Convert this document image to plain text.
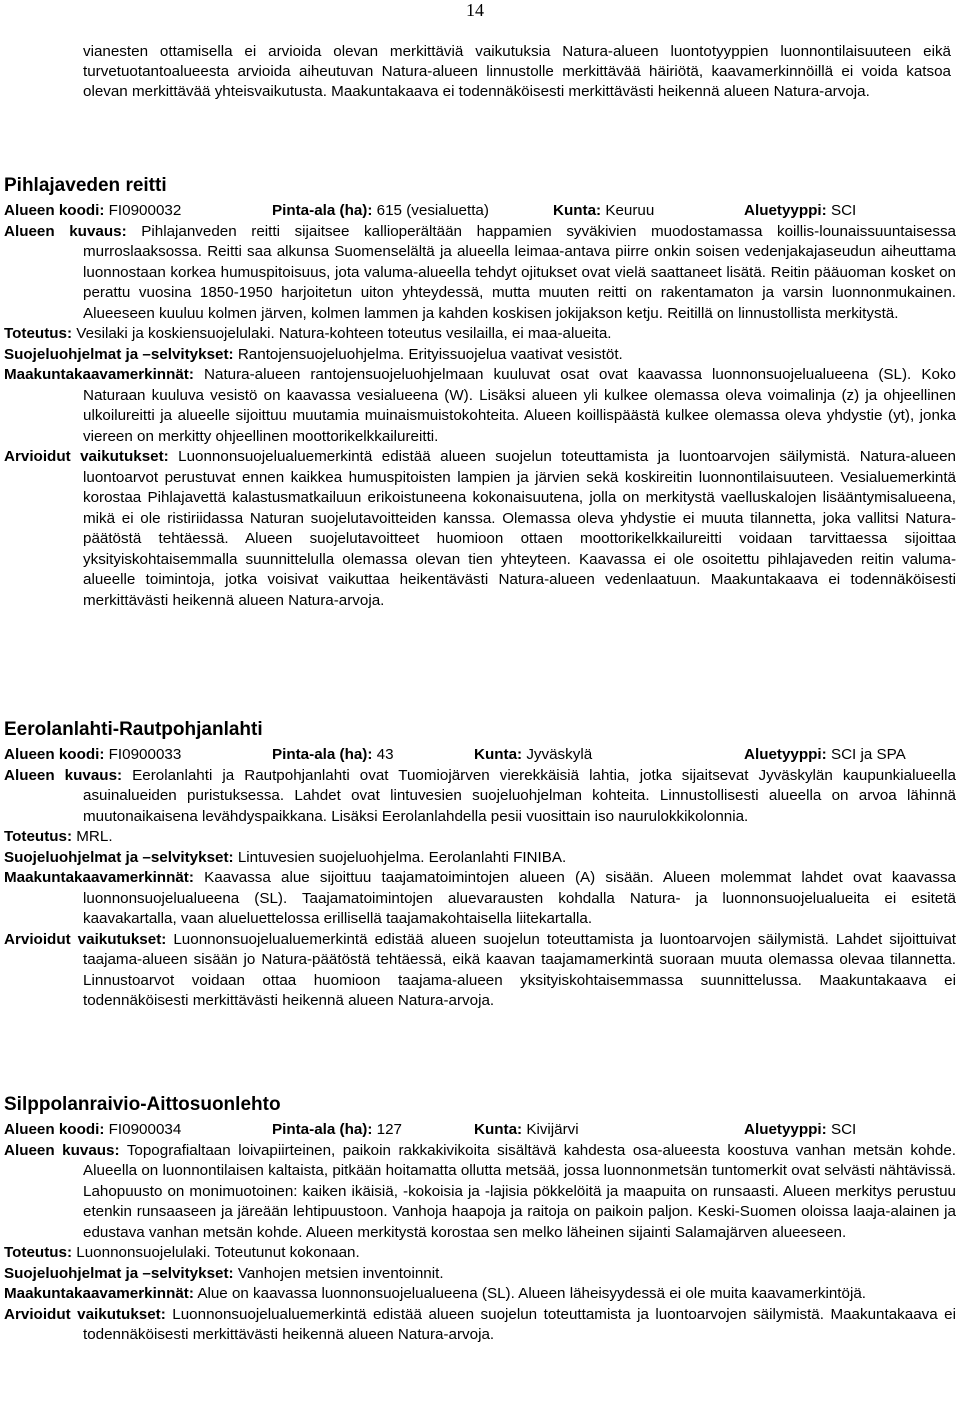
14
vianesten ottamisella ei arvioida olevan merkittäviä vaikutuksia Natura-alueen luontotyyppien luonnontilaisuuteen eikä turvetuotantoalueesta arvioida aiheutuvan Natura-alueen linnustolle merkittävää häiriötä, kaavamerkinnöillä ei voida katsoa olevan merkittävää yhteisvaikutusta. Maakuntakaava ei todennäköisesti merkittävästi heikennä alueen Natura-arvoja.
Pihlajaveden reitti
Alueen koodi: FI0900032	Pinta-ala (ha): 615 (vesialuetta)	Kunta: Keuruu	Aluetyyppi: SCI
Alueen kuvaus: Pihlajanveden reitti sijaitsee kallioperältään happamien syväkivien muodostamassa koillis-lounaissuuntaisessa murroslaaksossa. Reitti saa alkunsa Suomenselältä ja alueella leimaa-antava piirre onkin soisen vedenjakajaseudun aiheuttama luonnostaan korkea humuspitoisuus, jota valuma-alueella tehdyt ojitukset ovat vielä saattaneet lisätä. Reitin pääuoman kosket on perattu vuosina 1850-1950 harjoitetun uiton yhteydessä, mutta muuten reitti on rakentamaton ja varsin luonnonmukainen. Alueeseen kuuluu kolmen järven, kolmen lammen ja kahden koskisen jokijakson ketju. Reitillä on linnustollista merkitystä.
Toteutus: Vesilaki ja koskiensuojelulaki. Natura-kohteen toteutus vesilailla, ei maa-alueita.
Suojeluohjelmat ja –selvitykset: Rantojensuojeluohjelma. Erityissuojelua vaativat vesistöt.
Maakuntakaavamerkinnät: Natura-alueen rantojensuojeluohjelmaan kuuluvat osat ovat kaavassa luonnonsuojelualueena (SL). Koko Naturaan kuuluva vesistö on kaavassa vesialueena (W). Lisäksi alueen yli kulkee olemassa oleva voimalinja (z) ja ohjeellinen ulkoilureitti ja alueelle sijoittuu muutamia muinaismuistokohteita. Alueen koillispäästä kulkee olemassa oleva yhdystie (yt), jonka viereen on merkitty ohjeellinen moottorikelkkailureitti.
Arvioidut vaikutukset: Luonnonsuojelualuemerkintä edistää alueen suojelun toteuttamista ja luontoarvojen säilymistä. Natura-alueen luontoarvot perustuvat ennen kaikkea humuspitoisten lampien ja järvien sekä koskireitin luonnontilaisuuteen. Vesialuemerkintä korostaa Pihlajavettä kalastusmatkailuun erikoistuneena kokonaisuutena, jolla on merkitystä vaelluskalojen lisääntymisalueena, mikä ei ole ristiriidassa Naturan suojelutavoitteiden kanssa. Olemassa oleva yhdystie ei muuta tilannetta, joka vallitsi Natura-päätöstä tehtäessä. Alueen suojelutavoitteet huomioon ottaen moottorikelkkailureitti voidaan tarvittaessa sijoittaa yksityiskohtaisemmalla suunnittelulla olemassa olevan tien yhteyteen. Kaavassa ei ole osoitettu pihlajaveden reitin valuma-alueelle toimintoja, jotka voisivat vaikuttaa heikentävästi Natura-alueen vedenlaatuun. Maakuntakaava ei todennäköisesti merkittävästi heikennä alueen Natura-arvoja.
Eerolanlahti-Rautpohjanlahti
Alueen koodi: FI0900033	Pinta-ala (ha): 43	Kunta: Jyväskylä	Aluetyyppi: SCI ja SPA
Alueen kuvaus: Eerolanlahti ja Rautpohjanlahti ovat Tuomiojärven vierekkäisiä lahtia, jotka sijaitsevat Jyväskylän kaupunkialueella asuinalueiden puristuksessa. Lahdet ovat lintuvesien suojeluohjelman kohteita. Linnustollisesti alueella on arvoa lähinnä muutonaikaisena levähdyspaikkana. Lisäksi Eerolanlahdella pesii vuosittain iso naurulokkikolonnia.
Toteutus: MRL.
Suojeluohjelmat ja –selvitykset: Lintuvesien suojeluohjelma. Eerolanlahti FINIBA.
Maakuntakaavamerkinnät: Kaavassa alue sijoittuu taajamatoimintojen alueen (A) sisään. Alueen molemmat lahdet ovat kaavassa luonnonsuojelualueena (SL). Taajamatoimintojen aluevarausten kohdalla Natura- ja luonnonsuojelualueita ei esitetä kaavakartalla, vaan alueluettelossa erillisellä taajamakohtaisella liitekartalla.
Arvioidut vaikutukset: Luonnonsuojelualuemerkintä edistää alueen suojelun toteuttamista ja luontoarvojen säilymistä. Lahdet sijoittuivat taajama-alueen sisään jo Natura-päätöstä tehtäessä, eikä kaavan taajamamerkintä suoraan muuta olemassa olevaa tilannetta. Linnustoarvot voidaan ottaa huomioon taajama-alueen yksityiskohtaisemmassa suunnittelussa. Maakuntakaava ei todennäköisesti merkittävästi heikennä alueen Natura-arvoja.
Silppolanraivio-Aittosuonlehto
Alueen koodi: FI0900034	Pinta-ala (ha): 127	Kunta: Kivijärvi	Aluetyyppi: SCI
Alueen kuvaus: Topografialtaan loivapiirteinen, paikoin rakkakivikoita sisältävä kahdesta osa-alueesta koostuva vanhan metsän kohde. Alueella on luonnontilaisen kaltaista, pitkään hoitamatta ollutta metsää, jossa luonnonmetsän tuntomerkit ovat selvästi nähtävissä. Lahopuusto on monimuotoinen: kaiken ikäisiä, -kokoisia ja -lajisia pökkelöitä ja maapuita on runsaasti. Alueen merkitys perustuu etenkin runsaaseen ja järeään lehtipuustoon. Vanhoja haapoja ja raitoja on paikoin paljon. Keski-Suomen oloissa laaja-alainen ja edustava vanhan metsän kohde. Alueen merkitystä korostaa sen melko läheinen sijainti Salamajärven alueeseen.
Toteutus: Luonnonsuojelulaki. Toteutunut kokonaan.
Suojeluohjelmat ja –selvitykset: Vanhojen metsien inventoinnit.
Maakuntakaavamerkinnät: Alue on kaavassa luonnonsuojelualueena (SL). Alueen läheisyydessä ei ole muita kaavamerkintöjä.
Arvioidut vaikutukset: Luonnonsuojelualuemerkintä edistää alueen suojelun toteuttamista ja luontoarvojen säilymistä. Maakuntakaava ei todennäköisesti merkittävästi heikennä alueen Natura-arvoja.
